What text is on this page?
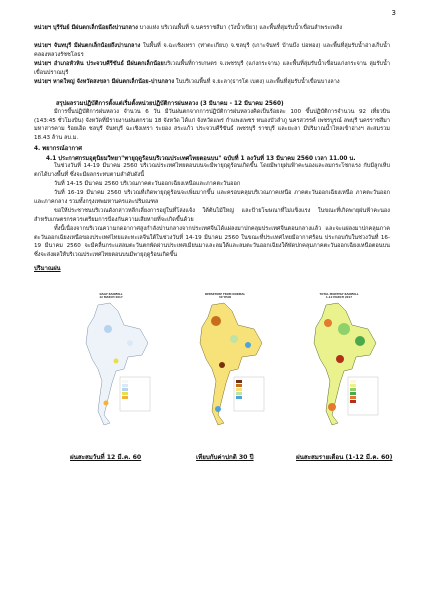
3
หน่วยฯ บุรีรัมย์ มีฝนตกเล็กน้อยถึงปานกลาง บางแห่ง บริเวณพื้นที่ จ.นครราชสีมา (วังน้ำเขียว) และพื้นที่ลุ่มรับน้ำเขื่อนลำพระเพลิง
หน่วยฯ จันทบุรี มีฝนตกเล็กน้อยถึงปานกลาง ในพื้นที่ จ.ฉะเชิงเทรา (ท่าตะเกียบ) จ.ชลบุรี (เกาะจันทร์ บ้านบึง บ่อทอง) และพื้นที่ลุ่มรับน้ำอ่างเก็บน้ำคลองหลวงรัชชโลธร
หน่วยฯ อำเภอหัวหิน ประจวบคีรีขันธ์ มีฝนตกเล็กน้อยบริเวณพื้นที่การเกษตร จ.เพชรบุรี (แก่งกระจาน) และพื้นที่ลุ่มรับน้ำเขื่อนแก่งกระจาน ลุ่มรับน้ำเขื่อนปราณบุรี
หน่วยฯ หาดใหญ่ จังหวัดสงขลา มีฝนตกเล็กน้อย-ปานกลาง ในบริเวณพื้นที่ จ.ยะลา(ธารโต เบตง) และพื้นที่ลุ่มรับน้ำเขื่อนบางลาง
สรุปผลรวมปฏิบัติการตั้งแต่เริ่มตั้งหน่วยปฏิบัติการฝนหลวง (3 มีนาคม - 12 มีนาคม 2560)
มีการขึ้นปฏิบัติการฝนหลวง จำนวน 6 วัน มีวันฝนตกจากการปฏิบัติการฝนหลวงคิดเป็นร้อยละ 100 ขึ้นปฏิบัติการจำนวน 92 เที่ยวบิน (143:45 ชั่วโมงบิน) จังหวัดที่มีรายงานฝนตกรวม 18 จังหวัด ได้แก่ จังหวัดแพร่ กำแพงเพชร หนองบัวลำภู นครสวรรค์ เพชรบูรณ์ ลพบุรี นครราชสีมา มหาสารคาม ร้อยเอ็ด ชลบุรี จันทบุรี ฉะเชิงเทรา ระยอง สระแก้ว ประจวบคีรีขันธ์ เพชรบุรี ราชบุรี และยะลา มีปริมาณน้ำไหลเข้าอ่างฯ สะสมรวม 18.43 ล้าน ลบ.ม.
4. พยากรณ์อากาศ
4.1 ประกาศกรมอุตุนิยมวิทยา"พายุฤดูร้อนบริเวณประเทศไทยตอนบน" ฉบับที่ 1 ลงวันที่ 13 มีนาคม 2560 เวลา 11.00 น.
ในช่วงวันที่ 14-19 มีนาคม 2560 บริเวณประเทศไทยตอนบนจะมีพายุฤดูร้อนเกิดขึ้น โดยมีพายุฝนฟ้าคะนองและลมกระโชกแรง กับมีลูกเห็บตกได้บางพื้นที่ ซึ่งจะมีผลกระทบตามลำดับดังนี้
วันที่ 14-15 มีนาคม 2560 บริเวณภาคตะวันออกเฉียงเหนือและภาคตะวันออก
วันที่ 16-19 มีนาคม 2560 บริเวณที่เกิดพายุฤดูร้อนจะเพิ่มมากขึ้น และครอบคลุมบริเวณภาคเหนือ ภาคตะวันออกเฉียงเหนือ ภาคตะวันออก และภาคกลาง รวมทั้งกรุงเทพมหานครและปริมณฑล
ขอให้ประชาชนบริเวณดังกล่าวหลีกเลี่ยงการอยู่ในที่โล่งแจ้ง ใต้ต้นไม้ใหญ่ และป้ายโฆษณาที่ไม่แข็งแรง ในขณะที่เกิดพายุฝนฟ้าคะนอง สำหรับเกษตรกรควรเตรียมการป้องกันความเสียหายที่จะเกิดขึ้นด้วย
ทั้งนี้เนื่องจากบริเวณความกดอากาศสูงกำลังปานกลางจากประเทศจีนได้แผ่ลงมาปกคลุมประเทศจีนตอนกลางแล้ว และจะแผ่ลงมาปกคลุมภาคตะวันออกเฉียงเหนือของประเทศไทยและทะเลจีนใต้ในช่วงวันที่ 14-19 มีนาคม 2560 ในขณะที่ประเทศไทยมีอากาศร้อน ประกอบกับในช่วงวันที่ 16-19 มีนาคม 2560 จะมีคลื่นกระแสลมตะวันตกพัดผ่านประเทศเมียนมาและลมใต้และลมตะวันออกเฉียงใต้พัดปกคลุมภาคตะวันออกเฉียงเหนือตอนบน ซึ่งจะส่งผลให้บริเวณประเทศไทยตอนบนมีพายุฤดูร้อนเกิดขึ้น
ปริมาณฝน
DAILY RAINFALL
12 MARCH 2017
DEPARTURE FROM NORMAL
30 YEAR
TOTAL MONTHLY RAINFALL
1-12 MARCH 2017
ฝนสะสมวันที่ 12 มี.ค. 60	เทียบกับค่าปกติ 30 ปี	ฝนสะสมรายเดือน (1-12 มี.ค. 60)
